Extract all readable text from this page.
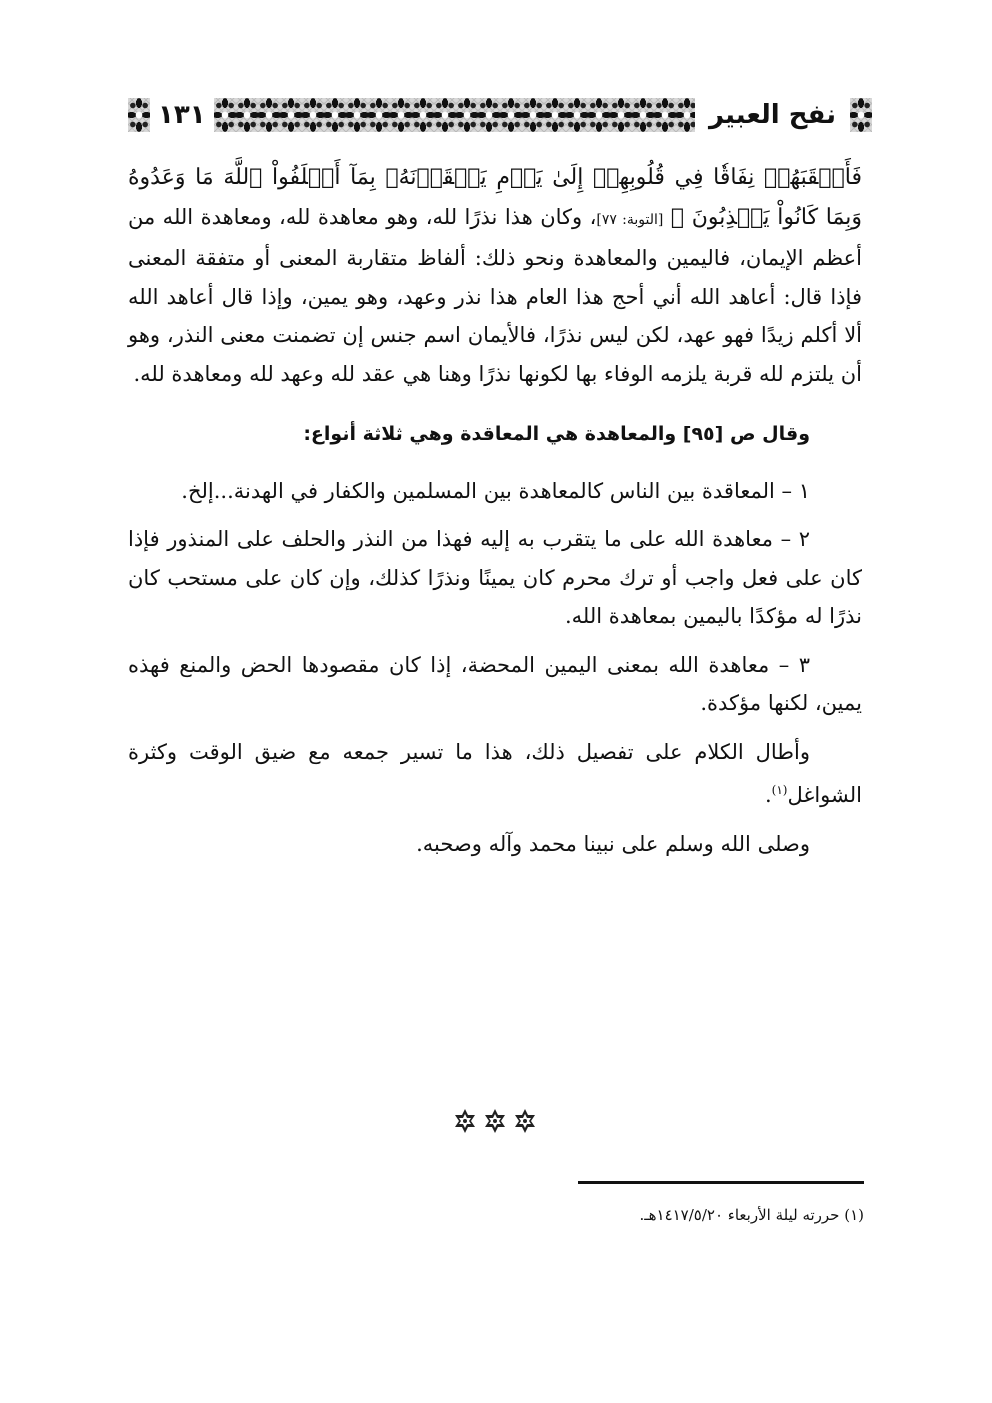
١٣١	نفح العبير

فَأَعۡقَبَهُمۡ نِفَاقٗا فِي قُلُوبِهِمۡ إِلَىٰ يَوۡمِ يَلۡقَوۡنَهُۥ بِمَآ أَخۡلَفُواْ ٱللَّهَ مَا وَعَدُوهُ وَبِمَا كَانُواْ يَكۡذِبُونَ ﴾ [التوبة: ٧٧]، وكان هذا نذرًا لله، وهو معاهدة لله، ومعاهدة الله من أعظم الإيمان، فاليمين والمعاهدة ونحو ذلك: ألفاظ متقاربة المعنى أو متفقة المعنى فإذا قال: أعاهد الله أني أحج هذا العام هذا نذر وعهد، وهو يمين، وإذا قال أعاهد الله ألا أكلم زيدًا فهو عهد، لكن ليس نذرًا، فالأيمان اسم جنس إن تضمنت معنى النذر، وهو أن يلتزم لله قربة يلزمه الوفاء بها لكونها نذرًا وهنا هي عقد لله وعهد لله ومعاهدة لله.

وقال ص [٩٥] والمعاهدة هي المعاقدة وهي ثلاثة أنواع:

١ – المعاقدة بين الناس كالمعاهدة بين المسلمين والكفار في الهدنة...إلخ.

٢ – معاهدة الله على ما يتقرب به إليه فهذا من النذر والحلف على المنذور فإذا كان على فعل واجب أو ترك محرم كان يمينًا ونذرًا كذلك، وإن كان على مستحب كان نذرًا له مؤكدًا باليمين بمعاهدة الله.

٣ – معاهدة الله بمعنى اليمين المحضة، إذا كان مقصودها الحض والمنع فهذه يمين، لكنها مؤكدة.

وأطال الكلام على تفصيل ذلك، هذا ما تسير جمعه مع ضيق الوقت وكثرة الشواغل$^{(١)}$.

وصلى الله وسلم على نبينا محمد وآله وصحبه.

(١) حررته ليلة الأربعاء ١٤١٧/٥/٢٠هـ.
